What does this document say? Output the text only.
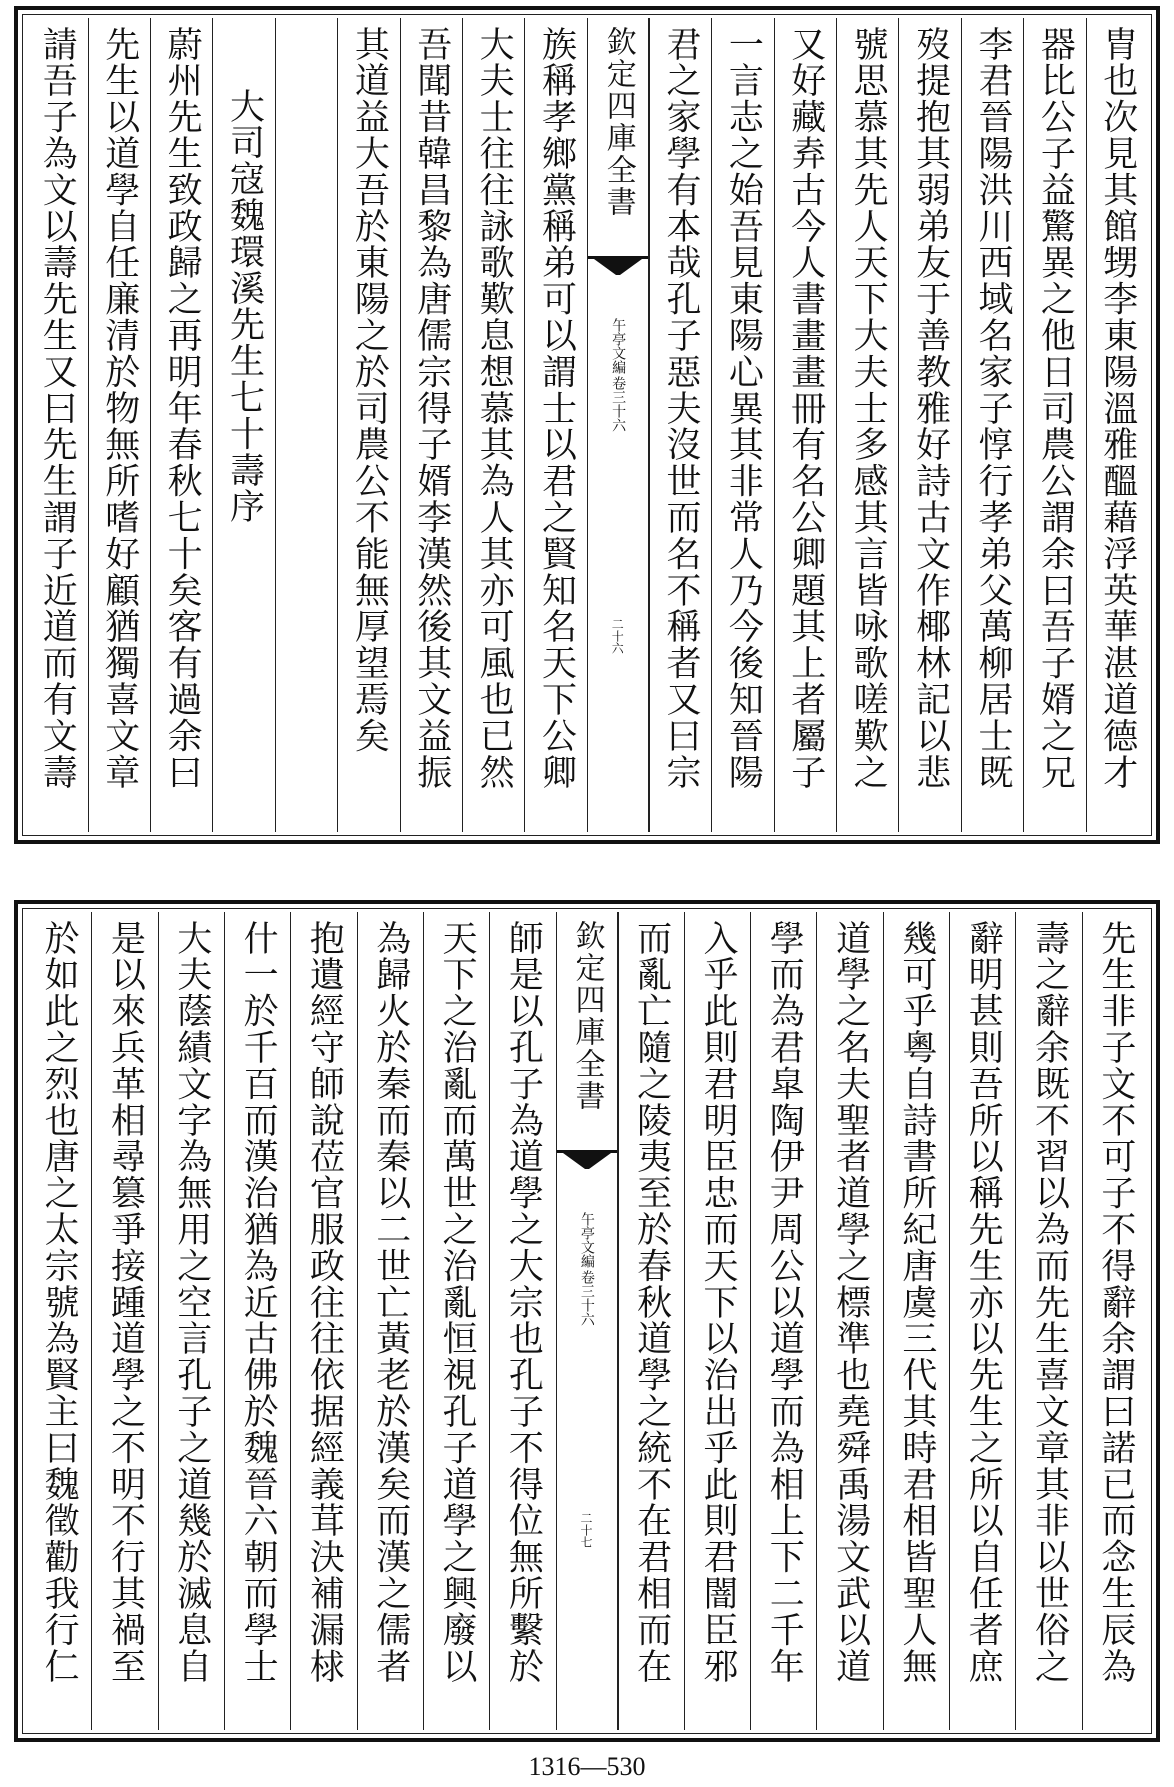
胄也次見其館甥李東陽溫雅醞藉浮英華湛道德才
器比公子益驚異之他日司農公謂余曰吾子婿之兄
李君晉陽洪川西域名家子惇行孝弟父萬柳居士既
歿提抱其弱弟友于善教雅好詩古文作椰林記以悲
號思慕其先人天下大夫士多感其言皆咏歌嗟歎之
又好藏弆古今人書畫畫冊有名公卿題其上者屬子
一言志之始吾見東陽心異其非常人乃今後知晉陽
君之家學有本哉孔子惡夫沒世而名不稱者又曰宗
欽定四庫全書
午亭文編
卷三十六
二十六
族稱孝鄉黨稱弟可以謂士以君之賢知名天下公卿
大夫士往往詠歌歎息想慕其為人其亦可風也已然
吾聞昔韓昌黎為唐儒宗得子婿李漢然後其文益振
其道益大吾於東陽之於司農公不能無厚望焉矣
大司寇魏環溪先生七十壽序
蔚州先生致政歸之再明年春秋七十矣客有過余曰
先生以道學自任廉清於物無所嗜好顧猶獨喜文章
請吾子為文以壽先生又曰先生謂子近道而有文壽
先生非子文不可子不得辭余謂曰諾已而念生辰為
壽之辭余既不習以為而先生喜文章其非以世俗之
辭明甚則吾所以稱先生亦以先生之所以自任者庶
幾可乎粵自詩書所紀唐虞三代其時君相皆聖人無
道學之名夫聖者道學之標準也堯舜禹湯文武以道
學而為君皐陶伊尹周公以道學而為相上下二千年
入乎此則君明臣忠而天下以治出乎此則君闇臣邪
而亂亡隨之陵夷至於春秋道學之統不在君相而在
欽定四庫全書
午亭文編
卷三十六
二十七
師是以孔子為道學之大宗也孔子不得位無所繫於
天下之治亂而萬世之治亂恒視孔子道學之興廢以
為歸火於秦而秦以二世亡黃老於漢矣而漢之儒者
抱遺經守師說莅官服政往往依据經義茸決補漏梂
什一於千百而漢治猶為近古佛於魏晉六朝而學士
大夫蔭績文字為無用之空言孔子之道幾於滅息自
是以來兵革相尋篡爭接踵道學之不明不行其禍至
於如此之烈也唐之太宗號為賢主曰魏徵勸我行仁
1316—530
